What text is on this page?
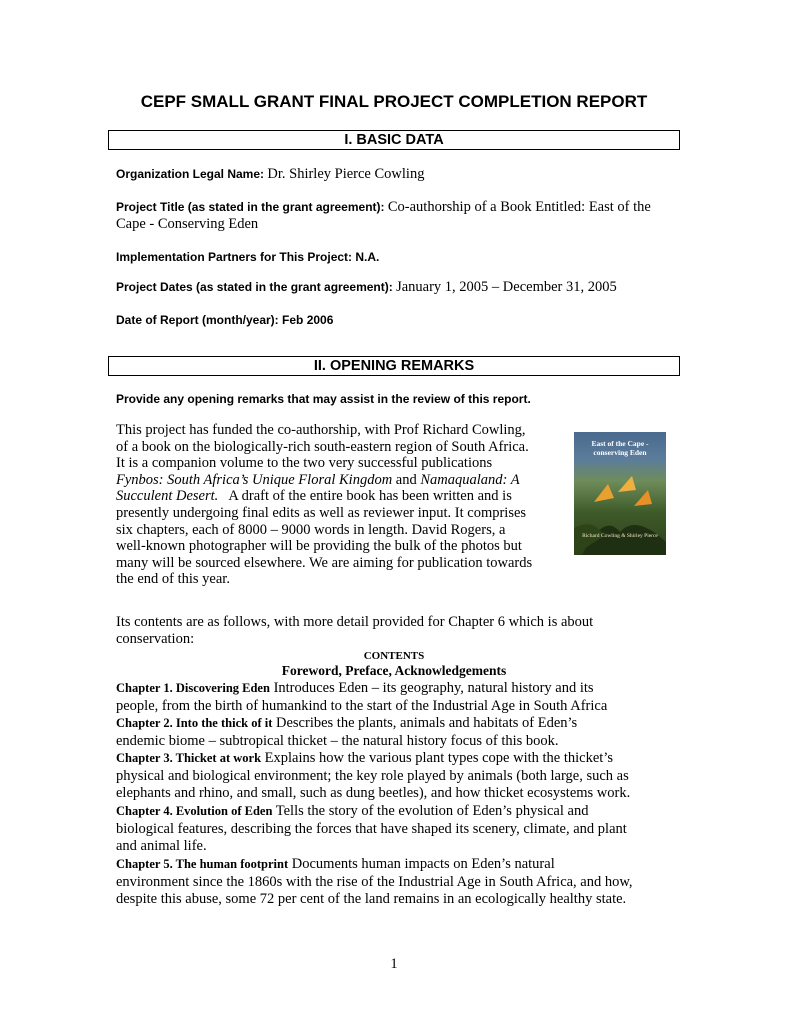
CEPF SMALL GRANT FINAL PROJECT COMPLETION REPORT
I. BASIC DATA
Organization Legal Name: Dr. Shirley Pierce Cowling
Project Title (as stated in the grant agreement): Co-authorship of a Book Entitled: East of the Cape - Conserving Eden
Implementation Partners for This Project: N.A.
Project Dates (as stated in the grant agreement): January 1, 2005 – December 31, 2005
Date of Report (month/year): Feb 2006
II. OPENING REMARKS
Provide any opening remarks that may assist in the review of this report.
This project has funded the co-authorship, with Prof Richard Cowling,
of a book on the biologically-rich south-eastern region of South Africa.
It is a companion volume to the two very successful publications
Fynbos: South Africa’s Unique Floral Kingdom and Namaqualand: A
Succulent Desert. A draft of the entire book has been written and is
presently undergoing final edits as well as reviewer input. It comprises
six chapters, each of 8000 – 9000 words in length. David Rogers, a
well-known photographer will be providing the bulk of the photos but
many will be sourced elsewhere. We are aiming for publication towards
the end of this year.
East of the Cape -
conserving Eden
Richard Cowling & Shirley Pierce
Its contents are as follows, with more detail provided for Chapter 6 which is about
conservation:
CONTENTS
Foreword, Preface, Acknowledgements
Chapter 1. Discovering Eden Introduces Eden – its geography, natural history and its
people, from the birth of humankind to the start of the Industrial Age in South Africa
Chapter 2. Into the thick of it Describes the plants, animals and habitats of Eden’s
endemic biome – subtropical thicket – the natural history focus of this book.
Chapter 3. Thicket at work Explains how the various plant types cope with the thicket’s
physical and biological environment; the key role played by animals (both large, such as
elephants and rhino, and small, such as dung beetles), and how thicket ecosystems work.
Chapter 4. Evolution of Eden Tells the story of the evolution of Eden’s physical and
biological features, describing the forces that have shaped its scenery, climate, and plant
and animal life.
Chapter 5. The human footprint Documents human impacts on Eden’s natural
environment since the 1860s with the rise of the Industrial Age in South Africa, and how,
despite this abuse, some 72 per cent of the land remains in an ecologically healthy state.
1
